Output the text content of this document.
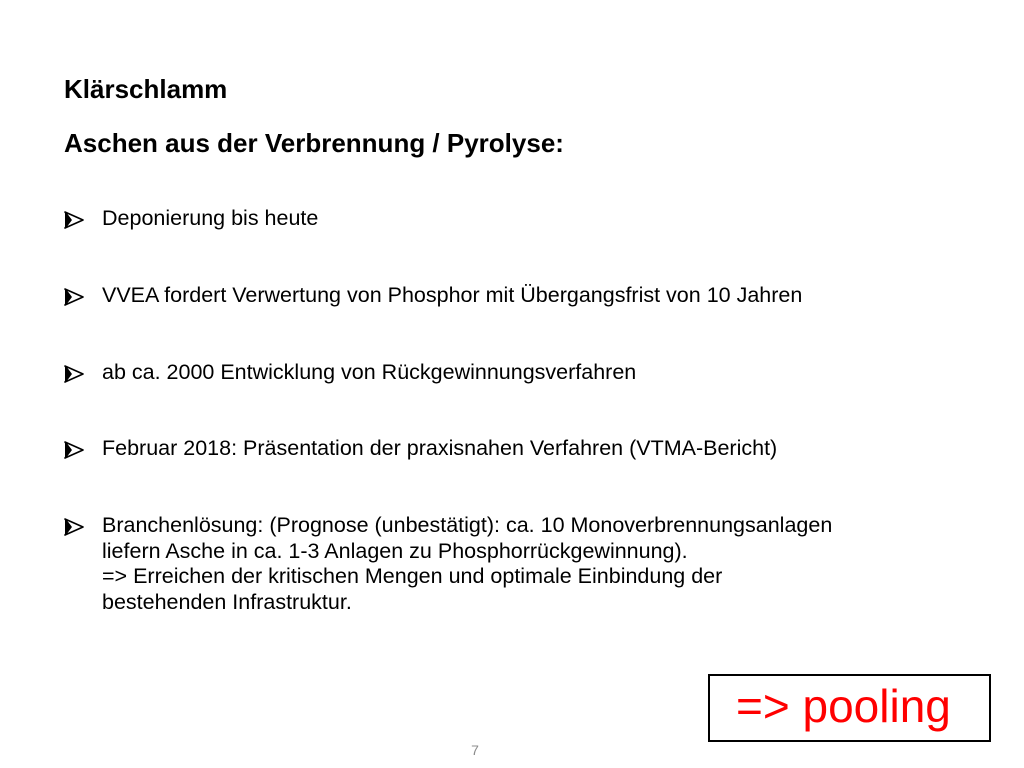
Klärschlamm
Aschen aus der Verbrennung / Pyrolyse:
Deponierung bis heute
VVEA fordert Verwertung von Phosphor mit Übergangsfrist von 10 Jahren
ab ca. 2000 Entwicklung von Rückgewinnungsverfahren
Februar 2018: Präsentation der praxisnahen Verfahren (VTMA-Bericht)
Branchenlösung: (Prognose (unbestätigt): ca. 10 Monoverbrennungsanlagen
liefern Asche in ca. 1-3 Anlagen zu Phosphorrückgewinnung).
=> Erreichen der kritischen Mengen und optimale Einbindung der
bestehenden Infrastruktur.
=> pooling
7
